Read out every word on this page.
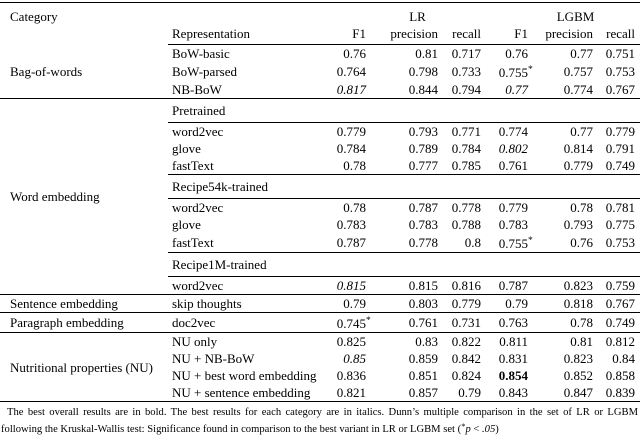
Category		LR			LGBM		
	Representation	F1	precision	recall	F1	precision	recall
Bag-of-words	BoW-basic	0.76	0.81	0.717	0.76	0.77	0.751
	BoW-parsed	0.764	0.798	0.733	0.755*	0.757	0.753
	NB-BoW	0.817	0.844	0.794	0.77	0.774	0.767
Word embedding	Pretrained						
	word2vec	0.779	0.793	0.771	0.774	0.77	0.779
	glove	0.784	0.789	0.784	0.802	0.814	0.791
	fastText	0.78	0.777	0.785	0.761	0.779	0.749
	Recipe54k-trained						
	word2vec	0.78	0.787	0.778	0.779	0.78	0.781
	glove	0.783	0.783	0.788	0.783	0.793	0.775
	fastText	0.787	0.778	0.8	0.755*	0.76	0.753
	Recipe1M-trained						
	word2vec	0.815	0.815	0.816	0.787	0.823	0.759
Sentence embedding	skip thoughts	0.79	0.803	0.779	0.79	0.818	0.767
Paragraph embedding	doc2vec	0.745*	0.761	0.731	0.763	0.78	0.749
Nutritional properties (NU)	NU only	0.825	0.83	0.822	0.811	0.81	0.812
	NU + NB-BoW	0.85	0.859	0.842	0.831	0.823	0.84
	NU + best word embedding	0.836	0.851	0.824	0.854	0.852	0.858
	NU + sentence embedding	0.821	0.857	0.79	0.843	0.847	0.839
The best overall results are in bold. The best results for each category are in italics. Dunn’s multiple comparison in the set of LR or LGBM following the Kruskal-Wallis test: Significance found in comparison to the best variant in LR or LGBM set (*p < .05)
